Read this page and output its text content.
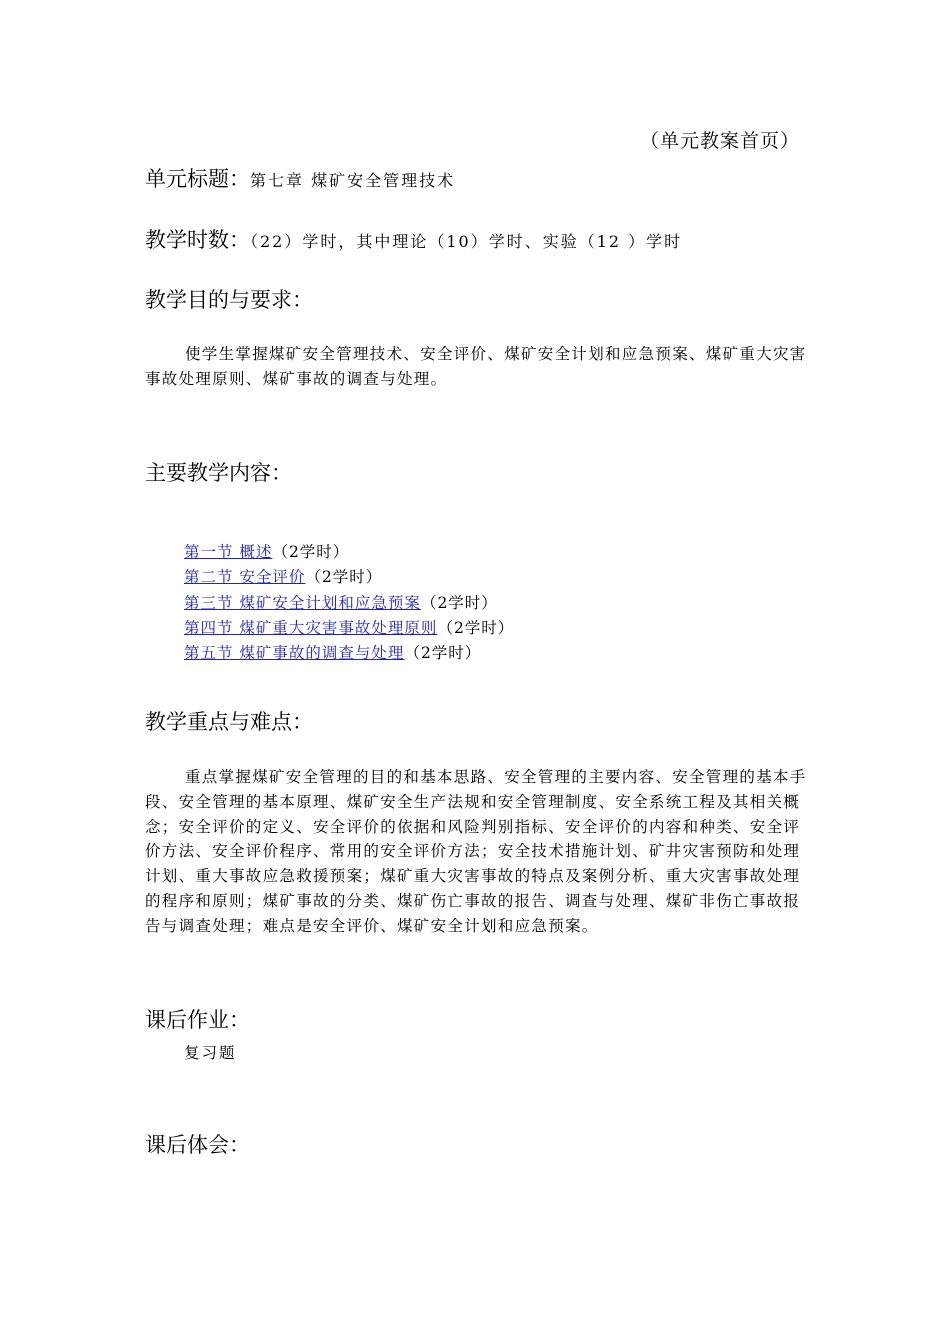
（单元教案首页）
单元标题：第七章 煤矿安全管理技术
教学时数：（22）学时，其中理论（10）学时、实验（12 ）学时
教学目的与要求：
使学生掌握煤矿安全管理技术、安全评价、煤矿安全计划和应急预案、煤矿重大灾害事故处理原则、煤矿事故的调查与处理。
主要教学内容：
第一节 概述（2学时）
第二节 安全评价（2学时）
第三节 煤矿安全计划和应急预案（2学时）
第四节 煤矿重大灾害事故处理原则（2学时）
第五节 煤矿事故的调查与处理（2学时）
教学重点与难点：
重点掌握煤矿安全管理的目的和基本思路、安全管理的主要内容、安全管理的基本手段、安全管理的基本原理、煤矿安全生产法规和安全管理制度、安全系统工程及其相关概念；安全评价的定义、安全评价的依据和风险判别指标、安全评价的内容和种类、安全评价方法、安全评价程序、常用的安全评价方法；安全技术措施计划、矿井灾害预防和处理计划、重大事故应急救援预案；煤矿重大灾害事故的特点及案例分析、重大灾害事故处理的程序和原则；煤矿事故的分类、煤矿伤亡事故的报告、调查与处理、煤矿非伤亡事故报告与调查处理；难点是安全评价、煤矿安全计划和应急预案。
课后作业：
复习题
课后体会：
